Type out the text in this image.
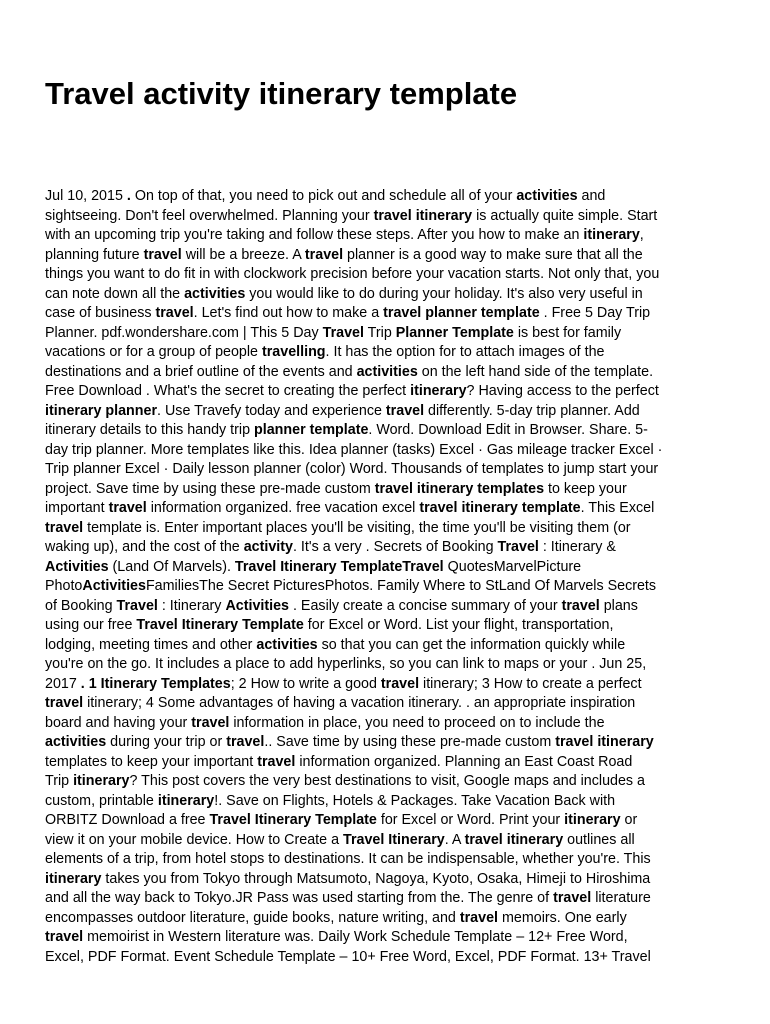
Travel activity itinerary template
Jul 10, 2015 . On top of that, you need to pick out and schedule all of your activities and
sightseeing. Don't feel overwhelmed. Planning your travel itinerary is actually quite simple. Start
with an upcoming trip you're taking and follow these steps. After you how to make an itinerary,
planning future travel will be a breeze. A travel planner is a good way to make sure that all the
things you want to do fit in with clockwork precision before your vacation starts. Not only that, you
can note down all the activities you would like to do during your holiday. It's also very useful in
case of business travel. Let's find out how to make a travel planner template . Free 5 Day Trip
Planner. pdf.wondershare.com | This 5 Day Travel Trip Planner Template is best for family
vacations or for a group of people travelling. It has the option for to attach images of the
destinations and a brief outline of the events and activities on the left hand side of the template.
Free Download . What's the secret to creating the perfect itinerary? Having access to the perfect
itinerary planner. Use Travefy today and experience travel differently. 5-day trip planner. Add
itinerary details to this handy trip planner template. Word. Download Edit in Browser. Share. 5-
day trip planner. More templates like this. Idea planner (tasks) Excel · Gas mileage tracker Excel ·
Trip planner Excel · Daily lesson planner (color) Word. Thousands of templates to jump start your
project. Save time by using these pre-made custom travel itinerary templates to keep your
important travel information organized. free vacation excel travel itinerary template. This Excel
travel template is. Enter important places you'll be visiting, the time you'll be visiting them (or
waking up), and the cost of the activity. It's a very . Secrets of Booking Travel : Itinerary &
Activities (Land Of Marvels). Travel Itinerary TemplateTravel QuotesMarvelPicture
PhotoActivitiesFamiliesThe Secret PicturesPhotos. Family Where to StLand Of Marvels Secrets
of Booking Travel : Itinerary Activities . Easily create a concise summary of your travel plans
using our free Travel Itinerary Template for Excel or Word. List your flight, transportation,
lodging, meeting times and other activities so that you can get the information quickly while
you're on the go. It includes a place to add hyperlinks, so you can link to maps or your . Jun 25,
2017 . 1 Itinerary Templates; 2 How to write a good travel itinerary; 3 How to create a perfect
travel itinerary; 4 Some advantages of having a vacation itinerary. . an appropriate inspiration
board and having your travel information in place, you need to proceed on to include the
activities during your trip or travel.. Save time by using these pre-made custom travel itinerary
templates to keep your important travel information organized. Planning an East Coast Road
Trip itinerary? This post covers the very best destinations to visit, Google maps and includes a
custom, printable itinerary!. Save on Flights, Hotels & Packages. Take Vacation Back with
ORBITZ Download a free Travel Itinerary Template for Excel or Word. Print your itinerary or
view it on your mobile device. How to Create a Travel Itinerary. A travel itinerary outlines all
elements of a trip, from hotel stops to destinations. It can be indispensable, whether you're. This
itinerary takes you from Tokyo through Matsumoto, Nagoya, Kyoto, Osaka, Himeji to Hiroshima
and all the way back to Tokyo.JR Pass was used starting from the. The genre of travel literature
encompasses outdoor literature, guide books, nature writing, and travel memoirs. One early
travel memoirist in Western literature was. Daily Work Schedule Template – 12+ Free Word,
Excel, PDF Format. Event Schedule Template – 10+ Free Word, Excel, PDF Format. 13+ Travel
